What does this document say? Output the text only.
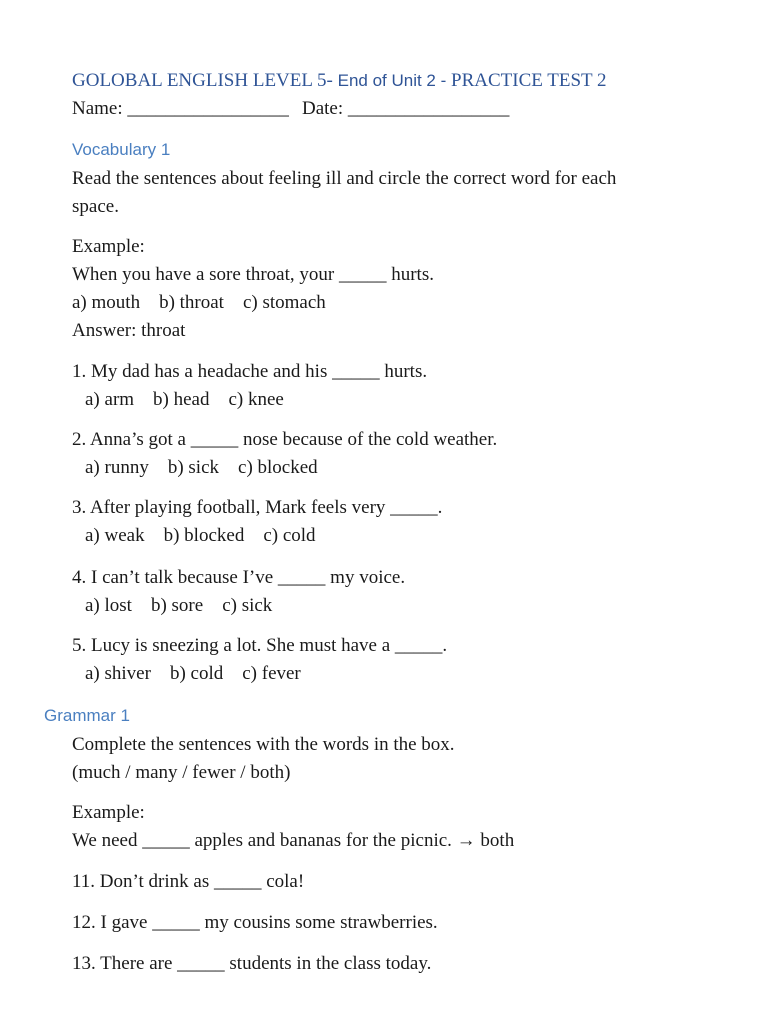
GOLOBAL ENGLISH LEVEL 5- End of Unit 2 - PRACTICE TEST 2
Name: _________________ Date: _________________
Vocabulary 1
Read the sentences about feeling ill and circle the correct word for each
space.
Example:
When you have a sore throat, your _____ hurts.
a) mouth    b) throat    c) stomach
Answer: throat
1. My dad has a headache and his _____ hurts.
a) arm    b) head    c) knee
2. Anna’s got a _____ nose because of the cold weather.
a) runny    b) sick    c) blocked
3. After playing football, Mark feels very _____.
a) weak    b) blocked    c) cold
4. I can’t talk because I’ve _____ my voice.
a) lost    b) sore    c) sick
5. Lucy is sneezing a lot. She must have a _____.
a) shiver    b) cold    c) fever
Grammar 1
Complete the sentences with the words in the box.
(much / many / fewer / both)
Example:
We need _____ apples and bananas for the picnic. → both
11. Don’t drink as _____ cola!
12. I gave _____ my cousins some strawberries.
13. There are _____ students in the class today.
